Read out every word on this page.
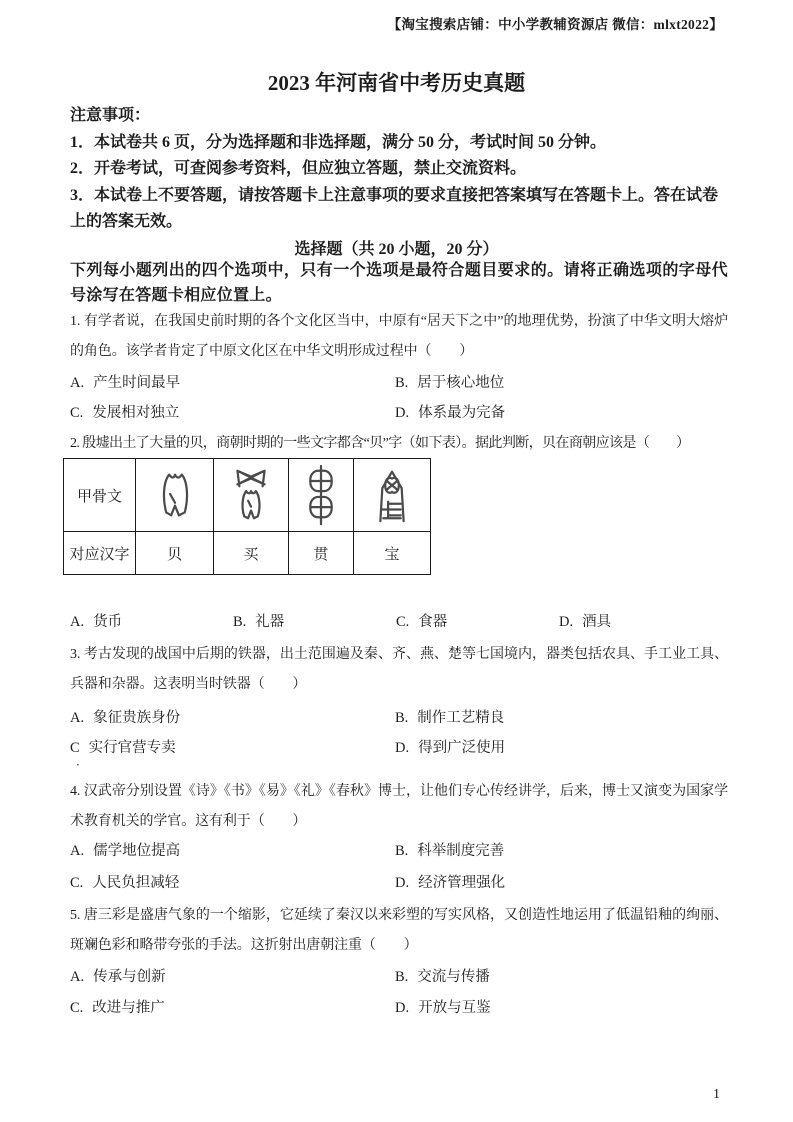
【淘宝搜索店铺：中小学教辅资源店 微信：mlxt2022】
2023 年河南省中考历史真题

注意事项：

1．本试卷共 6 页，分为选择题和非选择题，满分 50 分，考试时间 50 分钟。

2．开卷考试，可查阅参考资料，但应独立答题，禁止交流资料。

3．本试卷上不要答题，请按答题卡上注意事项的要求直接把答案填写在答题卡上。答在试卷上的答案无效。

选择题（共 20 小题，20 分）

下列每小题列出的四个选项中，只有一个选项是最符合题目要求的。请将正确选项的字母代号涂写在答题卡相应位置上。

1. 有学者说，在我国史前时期的各个文化区当中，中原有“居天下之中”的地理优势，扮演了中华文明大熔炉的角色。该学者肯定了中原文化区在中华文明形成过程中（　　）

A. 产生时间最早	B. 居于核心地位
C. 发展相对独立	D. 体系最为完备

2. 殷墟出土了大量的贝，商朝时期的一些文字都含“贝”字（如下表）。据此判断，贝在商朝应该是（　　）

甲骨文	

对应汉字	贝	买	贯	宝
A. 货币	B. 礼器	C. 食器	D. 酒具

3. 考古发现的战国中后期的铁器，出土范围遍及秦、齐、燕、楚等七国境内，器类包括农具、手工业工具、兵器和杂器。这表明当时铁器（　　）

A. 象征贵族身份	B. 制作工艺精良
C 实行官营专卖	D. 得到广泛使用
．

4. 汉武帝分别设置《诗》《书》《易》《礼》《春秋》博士，让他们专心传经讲学，后来，博士又演变为国家学术教育机关的学官。这有利于（　　）

A. 儒学地位提高	B. 科举制度完善
C. 人民负担减轻	D. 经济管理强化

5. 唐三彩是盛唐气象的一个缩影，它延续了秦汉以来彩塑的写实风格，又创造性地运用了低温铅釉的绚丽、斑斓色彩和略带夸张的手法。这折射出唐朝注重（　　）

A. 传承与创新	B. 交流与传播
C. 改进与推广	D. 开放与互鉴
1
